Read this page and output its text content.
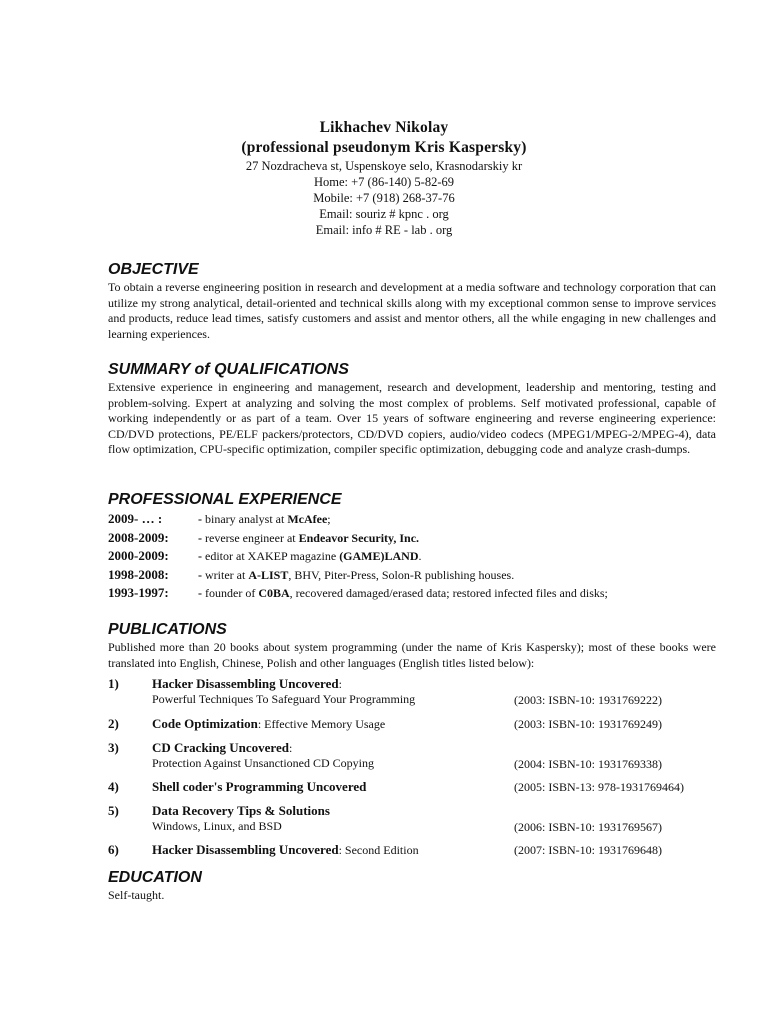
Likhachev Nikolay
(professional pseudonym Kris Kaspersky)
27 Nozdracheva st, Uspenskoye selo, Krasnodarskiy kr
Home: +7 (86-140) 5-82-69
Mobile: +7 (918) 268-37-76
Email: souriz # kpnc . org
Email: info # RE - lab . org
OBJECTIVE
To obtain a reverse engineering position in research and development at a media software and technology corporation that can utilize my strong analytical, detail-oriented and technical skills along with my exceptional common sense to improve services and products, reduce lead times, satisfy customers and assist and mentor others, all the while engaging in new challenges and learning experiences.
SUMMARY of QUALIFICATIONS
Extensive experience in engineering and management, research and development, leadership and mentoring, testing and problem-solving. Expert at analyzing and solving the most complex of problems. Self motivated professional, capable of working independently or as part of a team. Over 15 years of software engineering and reverse engineering experience: CD/DVD protections, PE/ELF packers/protectors, CD/DVD copiers, audio/video codecs (MPEG1/MPEG-2/MPEG-4), data flow optimization, CPU-specific optimization, compiler specific optimization, debugging code and analyze crash-dumps.
PROFESSIONAL EXPERIENCE
2009- … :	- binary analyst at McAfee;
2008-2009:	- reverse engineer at Endeavor Security, Inc.
2000-2009:	- editor at XAKEP magazine (GAME)LAND.
1998-2008:	- writer at A-LIST, BHV, Piter-Press, Solon-R publishing houses.
1993-1997:	- founder of C0BA, recovered damaged/erased data; restored infected files and disks;
PUBLICATIONS
Published more than 20 books about system programming (under the name of Kris Kaspersky); most of these books were translated into English, Chinese, Polish and other languages (English titles listed below):
1)	Hacker Disassembling Uncovered:
Powerful Techniques To Safeguard Your Programming	(2003: ISBN-10: 1931769222)
2)	Code Optimization: Effective Memory Usage	(2003: ISBN-10: 1931769249)
3)	CD Cracking Uncovered:
Protection Against Unsanctioned CD Copying	(2004: ISBN-10: 1931769338)
4)	Shell coder's Programming Uncovered	(2005: ISBN-13: 978-1931769464)
5)	Data Recovery Tips & Solutions
Windows, Linux, and BSD	(2006: ISBN-10: 1931769567)
6)	Hacker Disassembling Uncovered: Second Edition	(2007: ISBN-10: 1931769648)
EDUCATION
Self-taught.
